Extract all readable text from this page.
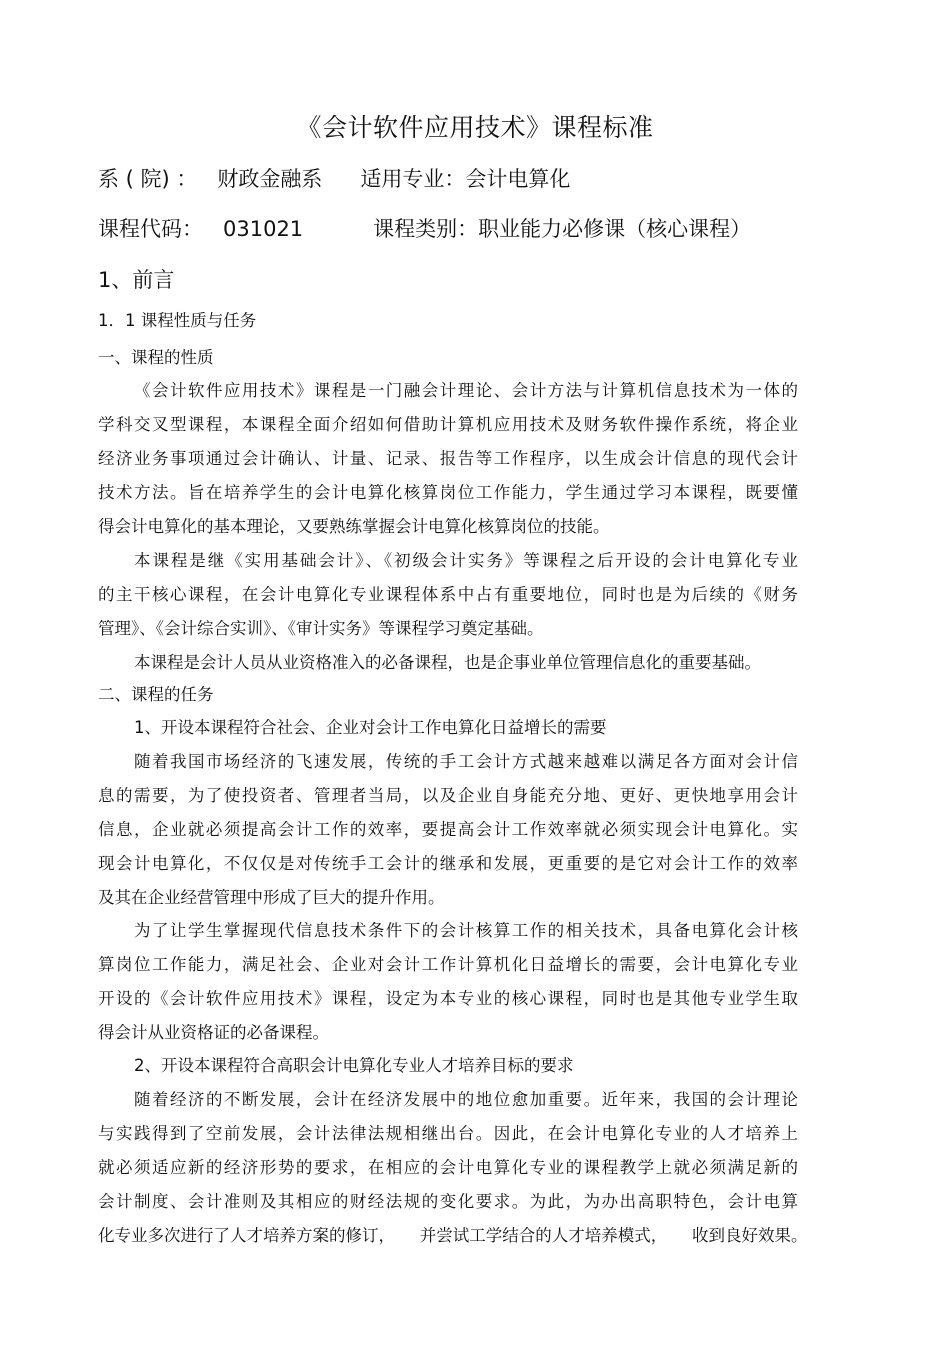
《会计软件应用技术》课程标准
系 ( 院) ： 财政金融系 适用专业：会计电算化
课程代码： 031021	课程类别：职业能力必修课（核心课程）
1、前言
1．1 课程性质与任务
一、课程的性质
《会计软件应用技术》课程是一门融会计理论、会计方法与计算机信息技术为一体的
学科交叉型课程，本课程全面介绍如何借助计算机应用技术及财务软件操作系统，将企业
经济业务事项通过会计确认、计量、记录、报告等工作程序，以生成会计信息的现代会计
技术方法。旨在培养学生的会计电算化核算岗位工作能力，学生通过学习本课程，既要懂
得会计电算化的基本理论，又要熟练掌握会计电算化核算岗位的技能。
本课程是继《实用基础会计》、《初级会计实务》等课程之后开设的会计电算化专业
的主干核心课程，在会计电算化专业课程体系中占有重要地位，同时也是为后续的《财务
管理》、《会计综合实训》、《审计实务》等课程学习奠定基础。
本课程是会计人员从业资格准入的必备课程，也是企事业单位管理信息化的重要基础。
二、课程的任务
1、开设本课程符合社会、企业对会计工作电算化日益增长的需要
随着我国市场经济的飞速发展，传统的手工会计方式越来越难以满足各方面对会计信
息的需要，为了使投资者、管理者当局，以及企业自身能充分地、更好、更快地享用会计
信息，企业就必须提高会计工作的效率，要提高会计工作效率就必须实现会计电算化。实
现会计电算化，不仅仅是对传统手工会计的继承和发展，更重要的是它对会计工作的效率
及其在企业经营管理中形成了巨大的提升作用。
为了让学生掌握现代信息技术条件下的会计核算工作的相关技术，具备电算化会计核
算岗位工作能力，满足社会、企业对会计工作计算机化日益增长的需要，会计电算化专业
开设的《会计软件应用技术》课程，设定为本专业的核心课程，同时也是其他专业学生取
得会计从业资格证的必备课程。
2、开设本课程符合高职会计电算化专业人才培养目标的要求
随着经济的不断发展，会计在经济发展中的地位愈加重要。近年来，我国的会计理论
与实践得到了空前发展，会计法律法规相继出台。因此，在会计电算化专业的人才培养上
就必须适应新的经济形势的要求，在相应的会计电算化专业的课程教学上就必须满足新的
会计制度、会计准则及其相应的财经法规的变化要求。为此，为办出高职特色，会计电算
化专业多次进行了人才培养方案的修订，　　并尝试工学结合的人才培养模式，　　收到良好效果。
